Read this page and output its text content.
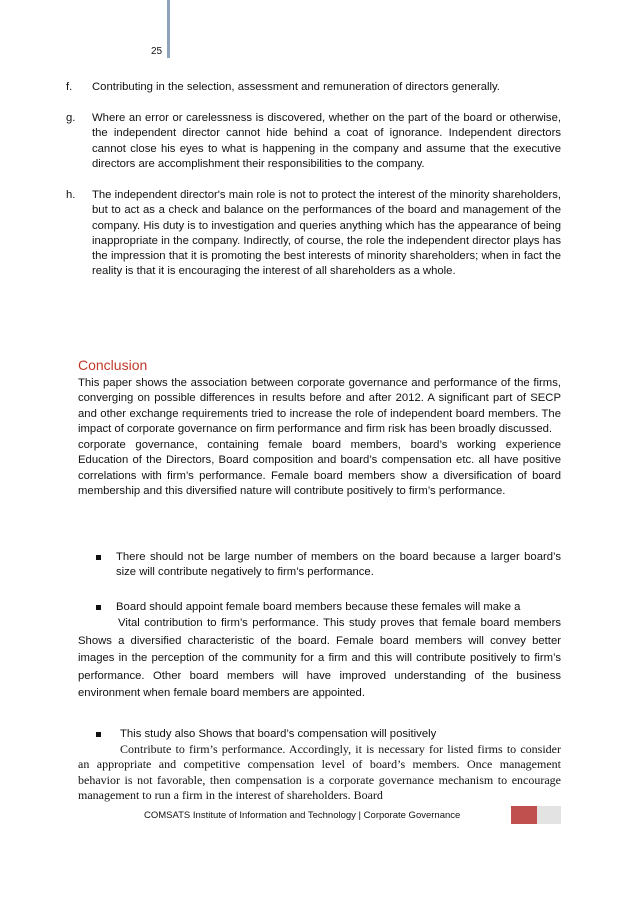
25
f. Contributing in the selection, assessment and remuneration of directors generally.
g. Where an error or carelessness is discovered, whether on the part of the board or otherwise, the independent director cannot hide behind a coat of ignorance. Independent directors cannot close his eyes to what is happening in the company and assume that the executive directors are accomplishment their responsibilities to the company.
h. The independent director's main role is not to protect the interest of the minority shareholders, but to act as a check and balance on the performances of the board and management of the company. His duty is to investigation and queries anything which has the appearance of being inappropriate in the company. Indirectly, of course, the role the independent director plays has the impression that it is promoting the best interests of minority shareholders; when in fact the reality is that it is encouraging the interest of all shareholders as a whole.
Conclusion
This paper shows the association between corporate governance and performance of the firms, converging on possible differences in results before and after 2012. A significant part of SECP and other exchange requirements tried to increase the role of independent board members. The impact of corporate governance on firm performance and firm risk has been broadly discussed.
corporate governance, containing female board members, board’s working experience Education of the Directors, Board composition and board’s compensation etc. all have positive correlations with firm’s performance. Female board members show a diversification of board membership and this diversified nature will contribute positively to firm’s performance.
There should not be large number of members on the board because a larger board’s size will contribute negatively to firm’s performance.
Board should appoint female board members because these females will make a
Vital contribution to firm’s performance. This study proves that female board members Shows a diversified characteristic of the board. Female board members will convey better images in the perception of the community for a firm and this will contribute positively to firm’s performance. Other board members will have improved understanding of the business environment when female board members are appointed.
This study also Shows that board’s compensation will positively
Contribute to firm’s performance. Accordingly, it is necessary for listed firms to consider an appropriate and competitive compensation level of board’s members. Once management behavior is not favorable, then compensation is a corporate governance mechanism to encourage management to run a firm in the interest of shareholders. Board
COMSATS Institute of Information and Technology | Corporate Governance
